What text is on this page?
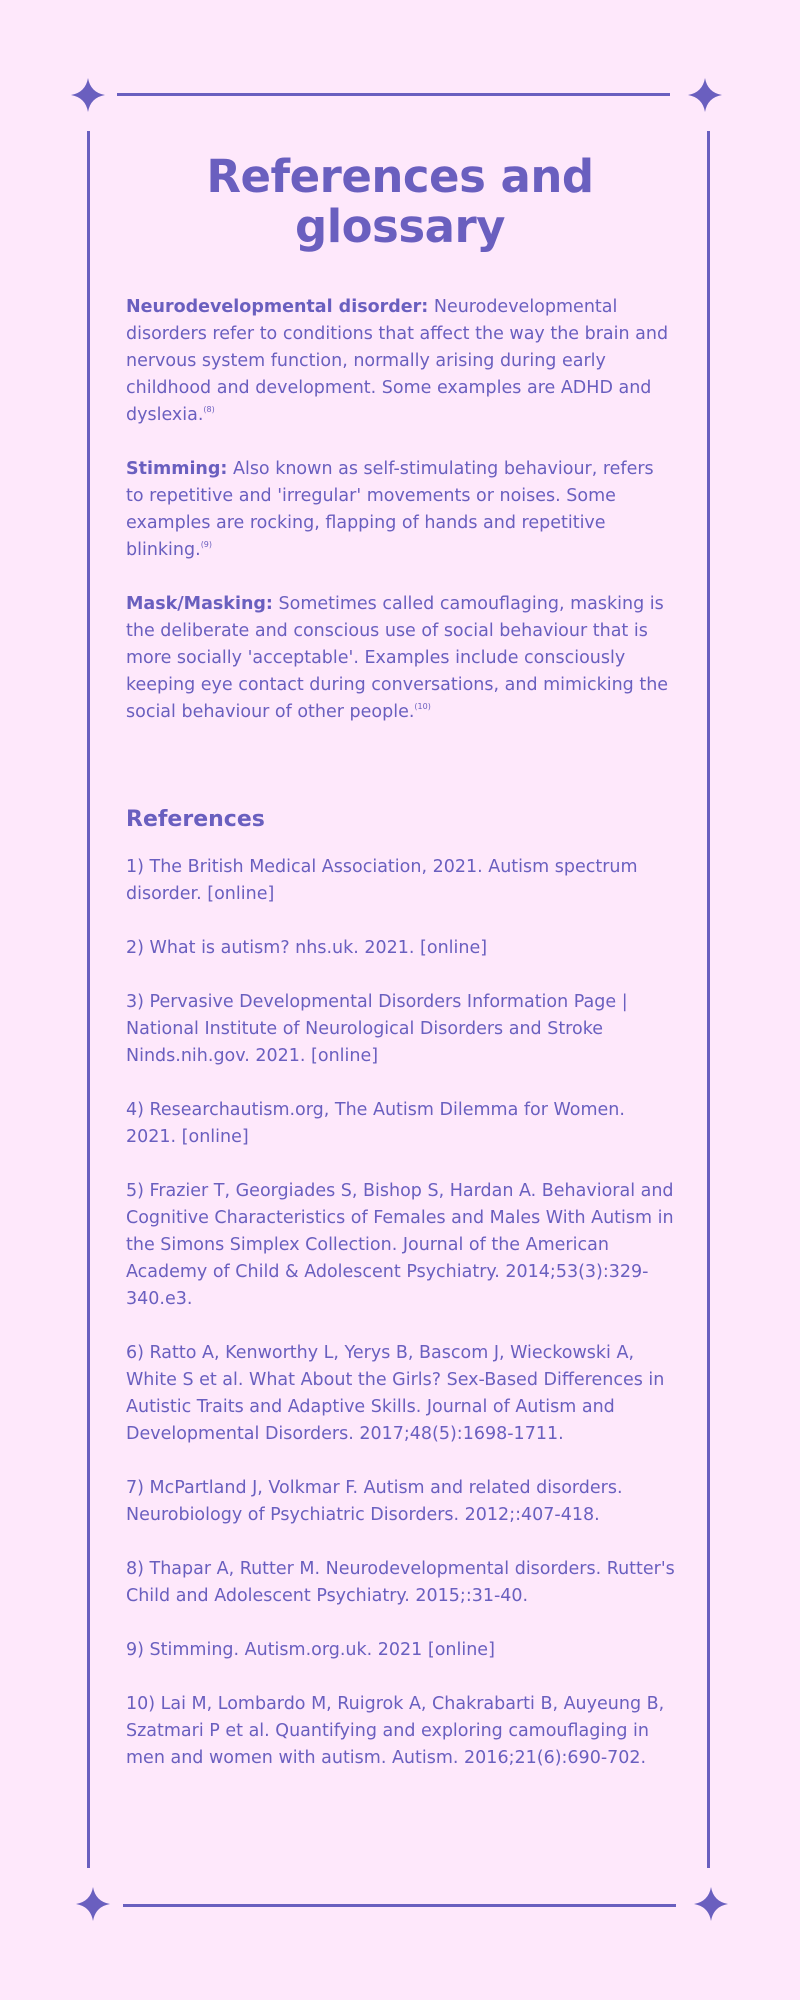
References and glossary

Neurodevelopmental disorder: Neurodevelopmental disorders refer to conditions that affect the way the brain and nervous system function, normally arising during early childhood and development. Some examples are ADHD and dyslexia.$^{(8)}$

Stimming: Also known as self-stimulating behaviour, refers to repetitive and 'irregular' movements or noises. Some examples are rocking, flapping of hands and repetitive blinking.$^{(9)}$

Mask/Masking: Sometimes called camouflaging, masking is the deliberate and conscious use of social behaviour that is more socially 'acceptable'. Examples include consciously keeping eye contact during conversations, and mimicking the social behaviour of other people.$^{(10)}$

References

1) The British Medical Association, 2021. Autism spectrum disorder. [online]

2) What is autism? nhs.uk. 2021. [online]

3) Pervasive Developmental Disorders Information Page | National Institute of Neurological Disorders and Stroke Ninds.nih.gov. 2021. [online]

4) Researchautism.org, The Autism Dilemma for Women. 2021. [online]

5) Frazier T, Georgiades S, Bishop S, Hardan A. Behavioral and Cognitive Characteristics of Females and Males With Autism in the Simons Simplex Collection. Journal of the American Academy of Child & Adolescent Psychiatry. 2014;53(3):329-340.e3.

6) Ratto A, Kenworthy L, Yerys B, Bascom J, Wieckowski A, White S et al. What About the Girls? Sex-Based Differences in Autistic Traits and Adaptive Skills. Journal of Autism and Developmental Disorders. 2017;48(5):1698-1711.

7) McPartland J, Volkmar F. Autism and related disorders. Neurobiology of Psychiatric Disorders. 2012;:407-418.

8) Thapar A, Rutter M. Neurodevelopmental disorders. Rutter's Child and Adolescent Psychiatry. 2015;:31-40.

9) Stimming. Autism.org.uk. 2021 [online]

10) Lai M, Lombardo M, Ruigrok A, Chakrabarti B, Auyeung B, Szatmari P et al. Quantifying and exploring camouflaging in men and women with autism. Autism. 2016;21(6):690-702.
